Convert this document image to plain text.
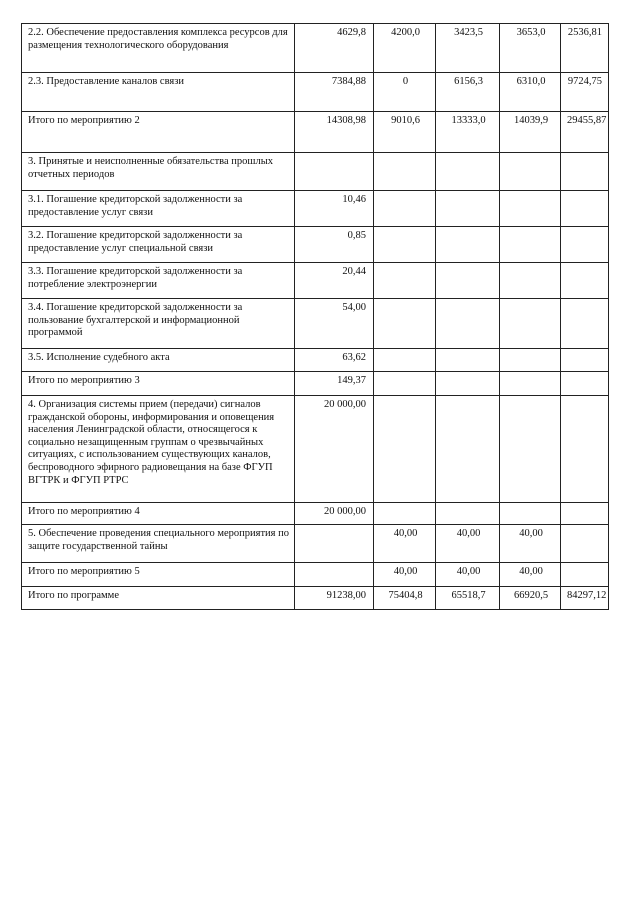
2.2. Обеспечение предоставления комплекса ресурсов для размещения технологического оборудования	4629,8	4200,0	3423,5	3653,0	2536,81
2.3. Предоставление каналов связи	7384,88	0	6156,3	6310,0	9724,75
Итого по мероприятию 2	14308,98	9010,6	13333,0	14039,9	29455,87
3. Принятые и неисполненные обязательства прошлых отчетных периодов					
3.1. Погашение кредиторской задолженности за предоставление услуг связи	10,46				
3.2. Погашение кредиторской задолженности за предоставление услуг специальной связи	0,85				
3.3. Погашение кредиторской задолженности за потребление электроэнергии	20,44				
3.4. Погашение кредиторской задолженности за пользование бухгалтерской и информационной программой	54,00				
3.5. Исполнение судебного акта	63,62				
Итого по мероприятию 3	149,37				
4. Организация системы прием (передачи) сигналов гражданской обороны, информирования и оповещения населения Ленинградской области, относящегося к социально незащищенным группам о чрезвычайных ситуациях, с использованием существующих каналов, беспроводного эфирного радиовещания на базе ФГУП ВГТРК и ФГУП РТРС	20 000,00				
Итого по мероприятию 4	20 000,00				
5. Обеспечение проведения специального мероприятия по защите государственной тайны		40,00	40,00	40,00	
Итого по мероприятию 5		40,00	40,00	40,00	
Итого по программе	91238,00	75404,8	65518,7	66920,5	84297,12
